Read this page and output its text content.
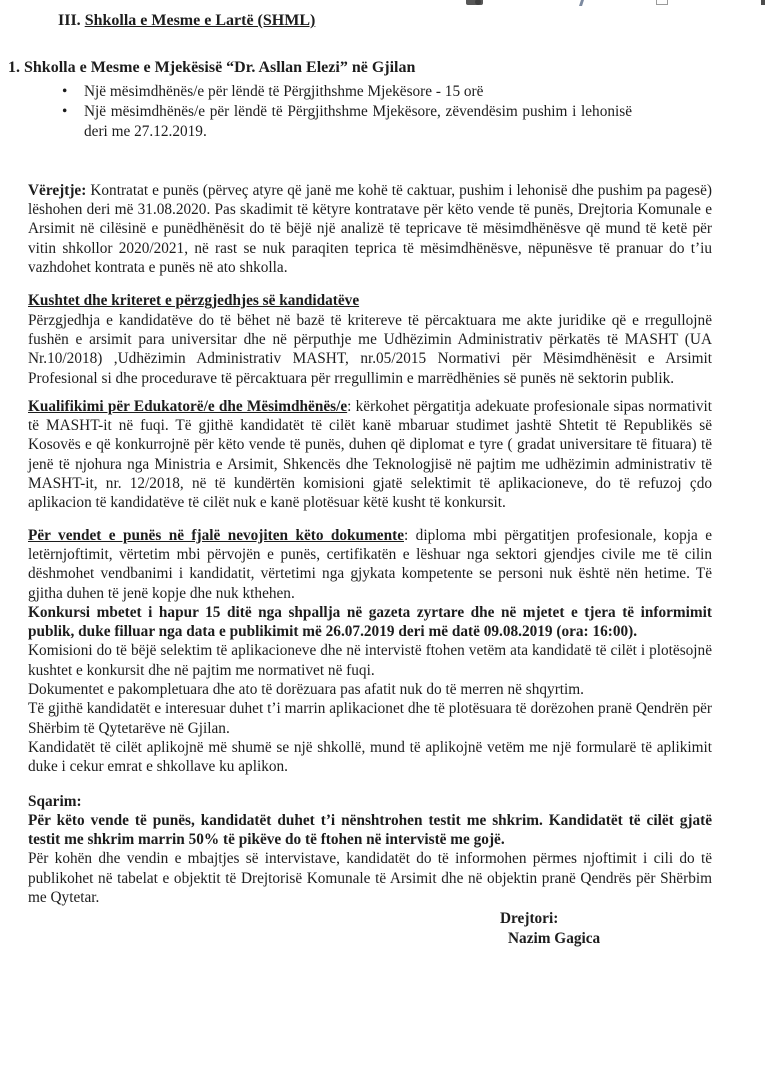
III. Shkolla e Mesme e Lartë (SHML)

1. Shkolla e Mesme e Mjekësisë “Dr. Asllan Elezi” në Gjilan

• Një mësimdhënës/e për lëndë të Përgjithshme Mjekësore - 15 orë
• Një mësimdhënës/e për lëndë të Përgjithshme Mjekësore, zëvendësim pushim i lehonisë deri me 27.12.2019.

Vërejtje: Kontratat e punës (përveç atyre që janë me kohë të caktuar, pushim i lehonisë dhe pushim pa pagesë) lëshohen deri më 31.08.2020. Pas skadimit të këtyre kontratave për këto vende të punës, Drejtoria Komunale e Arsimit në cilësinë e punëdhënësit do të bëjë një analizë të tepricave të mësimdhënësve që mund të ketë për vitin shkollor 2020/2021, në rast se nuk paraqiten teprica të mësimdhënësve, nëpunësve të pranuar do t’iu vazhdohet kontrata e punës në ato shkolla.

Kushtet dhe kriteret e përzgjedhjes së kandidatëve

Përzgjedhja e kandidatëve do të bëhet në bazë të kritereve të përcaktuara me akte juridike që e rregullojnë fushën e arsimit para universitar dhe në përputhje me Udhëzimin Administrativ përkatës të MASHT (UA Nr.10/2018) ,Udhëzimin Administrativ MASHT, nr.05/2015 Normativi për Mësimdhënësit e Arsimit Profesional si dhe procedurave të përcaktuara për rregullimin e marrëdhënies së punës në sektorin publik.

Kualifikimi për Edukatorë/e dhe Mësimdhënës/e: kërkohet përgatitja adekuate profesionale sipas normativit të MASHT-it në fuqi. Të gjithë kandidatët të cilët kanë mbaruar studimet jashtë Shtetit të Republikës së Kosovës e që konkurrojnë për këto vende të punës, duhen që diplomat e tyre ( gradat universitare të fituara) të jenë të njohura nga Ministria e Arsimit, Shkencës dhe Teknologjisë në pajtim me udhëzimin administrativ të MASHT-it, nr. 12/2018, në të kundërtën komisioni gjatë selektimit të aplikacioneve, do të refuzoj çdo aplikacion të kandidatëve të cilët nuk e kanë plotësuar këtë kusht të konkursit.

Për vendet e punës në fjalë nevojiten këto dokumente: diploma mbi përgatitjen profesionale, kopja e letërnjoftimit, vërtetim mbi përvojën e punës, certifikatën e lëshuar nga sektori gjendjes civile me të cilin dëshmohet vendbanimi i kandidatit, vërtetimi nga gjykata kompetente se personi nuk është nën hetime. Të gjitha duhen të jenë kopje dhe nuk kthehen.

Konkursi mbetet i hapur 15 ditë nga shpallja në gazeta zyrtare dhe në mjetet e tjera të informimit publik, duke filluar nga data e publikimit më 26.07.2019 deri më datë 09.08.2019 (ora: 16:00).

Komisioni do të bëjë selektim të aplikacioneve dhe në intervistë ftohen vetëm ata kandidatë të cilët i plotësojnë kushtet e konkursit dhe në pajtim me normativet në fuqi.

Dokumentet e pakompletuara dhe ato të dorëzuara pas afatit nuk do të merren në shqyrtim.

Të gjithë kandidatët e interesuar duhet t’i marrin aplikacionet dhe të plotësuara të dorëzohen pranë Qendrën për Shërbim të Qytetarëve në Gjilan.

Kandidatët të cilët aplikojnë më shumë se një shkollë, mund të aplikojnë vetëm me një formularë të aplikimit duke i cekur emrat e shkollave ku aplikon.

Sqarim:

Për këto vende të punës, kandidatët duhet t’i nënshtrohen testit me shkrim. Kandidatët të cilët gjatë testit me shkrim marrin 50% të pikëve do të ftohen në intervistë me gojë.

Për kohën dhe vendin e mbajtjes së intervistave, kandidatët do të informohen përmes njoftimit i cili do të publikohet në tabelat e objektit të Drejtorisë Komunale të Arsimit dhe në objektin pranë Qendrës për Shërbim me Qytetar.

Drejtori:

Nazim Gagica
